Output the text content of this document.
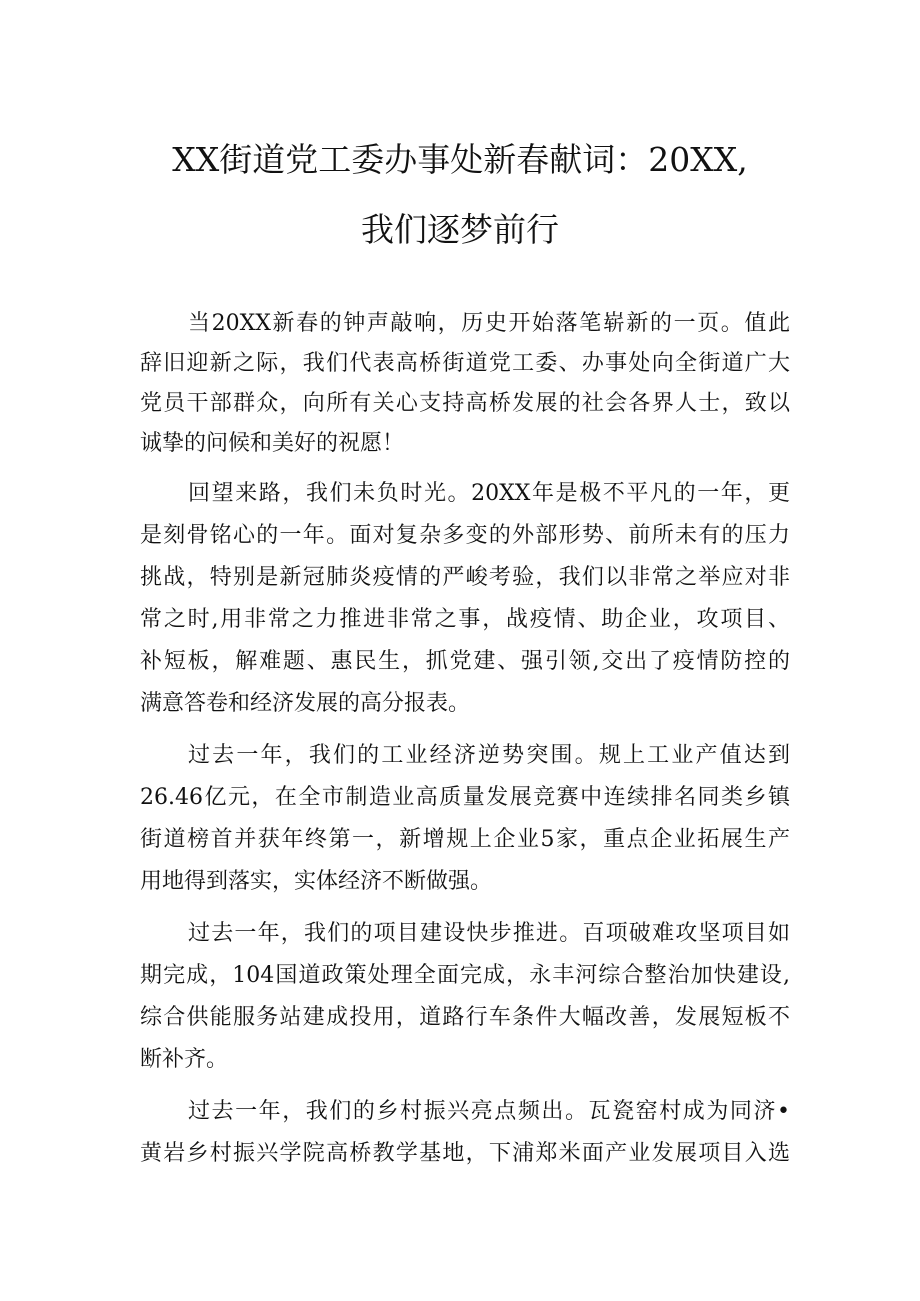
XX街道党工委办事处新春献词：20XX,
我们逐梦前行
当20XX新春的钟声敲响，历史开始落笔崭新的一页。值此
辞旧迎新之际，我们代表高桥街道党工委、办事处向全街道广大
党员干部群众，向所有关心支持高桥发展的社会各界人士，致以
诚挚的问候和美好的祝愿！
回望来路，我们未负时光。20XX年是极不平凡的一年，更
是刻骨铭心的一年。面对复杂多变的外部形势、前所未有的压力
挑战，特别是新冠肺炎疫情的严峻考验，我们以非常之举应对非
常之时,用非常之力推进非常之事，战疫情、助企业，攻项目、
补短板，解难题、惠民生，抓党建、强引领,交出了疫情防控的
满意答卷和经济发展的高分报表。
过去一年，我们的工业经济逆势突围。规上工业产值达到
26.46亿元，在全市制造业高质量发展竞赛中连续排名同类乡镇
街道榜首并获年终第一，新增规上企业5家，重点企业拓展生产
用地得到落实，实体经济不断做强。
过去一年，我们的项目建设快步推进。百项破难攻坚项目如
期完成，104国道政策处理全面完成，永丰河综合整治加快建设,
综合供能服务站建成投用，道路行车条件大幅改善，发展短板不
断补齐。
过去一年，我们的乡村振兴亮点频出。瓦瓷窑村成为同济•
黄岩乡村振兴学院高桥教学基地，下浦郑米面产业发展项目入选
